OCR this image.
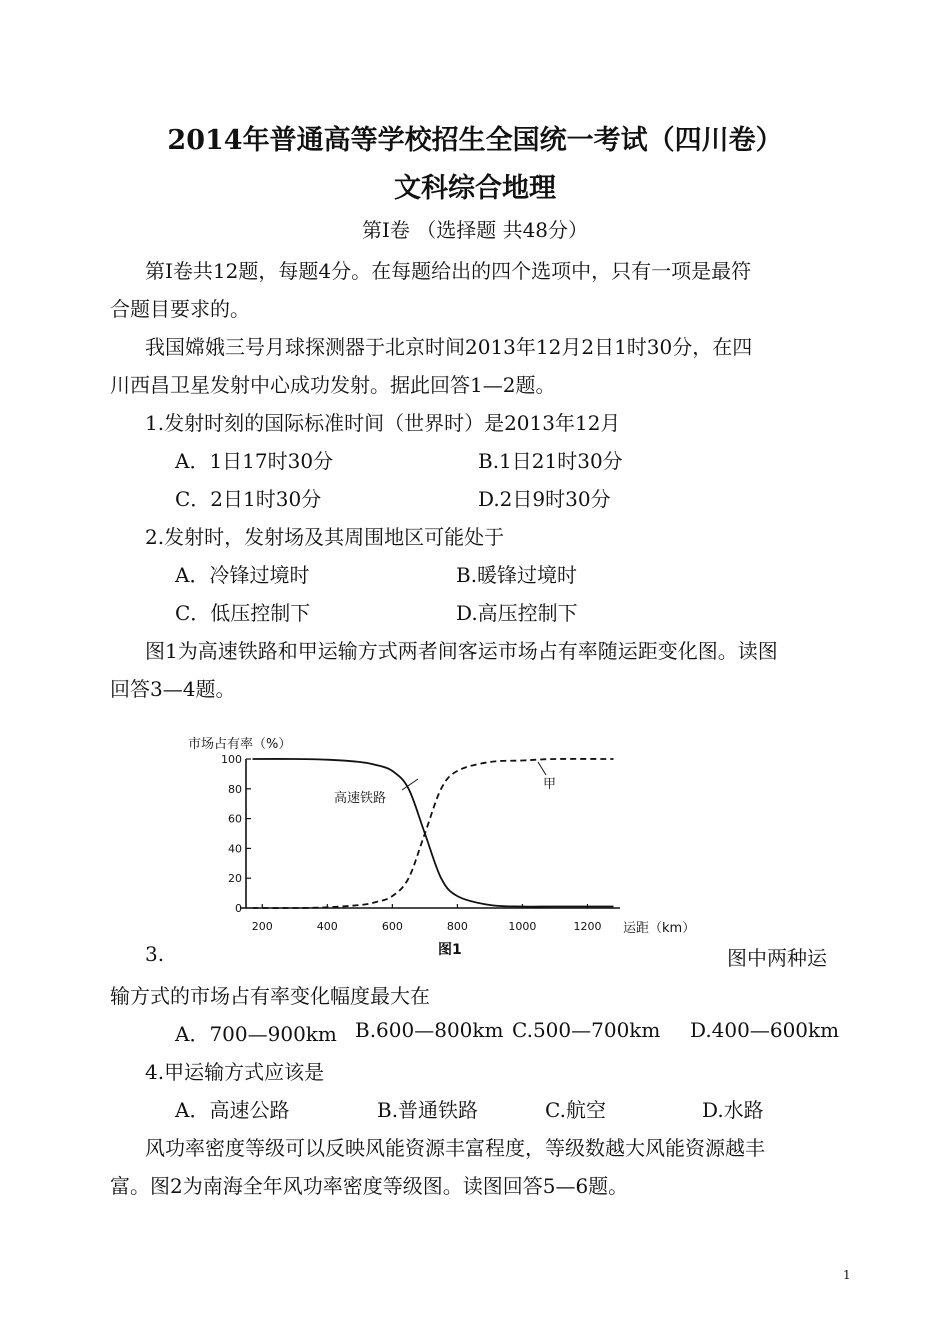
2014年普通高等学校招生全国统一考试（四川卷）
文科综合地理
第Ⅰ卷 （选择题 共48分）
第Ⅰ卷共12题，每题4分。在每题给出的四个选项中，只有一项是最符
合题目要求的。
我国嫦娥三号月球探测器于北京时间2013年12月2日1时30分，在四
川西昌卫星发射中心成功发射。据此回答1—2题。
1.发射时刻的国际标准时间（世界时）是2013年12月
A．1日17时30分	B.1日21时30分
C．2日1时30分	D.2日9时30分
2.发射时，发射场及其周围地区可能处于
A．冷锋过境时	B.暖锋过境时
C．低压控制下	D.高压控制下
图1为高速铁路和甲运输方式两者间客运市场占有率随运距变化图。读图
回答3—4题。
市场占有率（%）
0
20
40
60
80
100
200	400	600	800	1000	1200
高速铁路
甲
运距（km）
图1
3.	图中两种运
输方式的市场占有率变化幅度最大在
A．700—900km B.600—800km C.500—700km D.400—600km
4.甲运输方式应该是
A．高速公路	B.普通铁路	C.航空	D.水路
风功率密度等级可以反映风能资源丰富程度，等级数越大风能资源越丰
富。图2为南海全年风功率密度等级图。读图回答5—6题。
1
